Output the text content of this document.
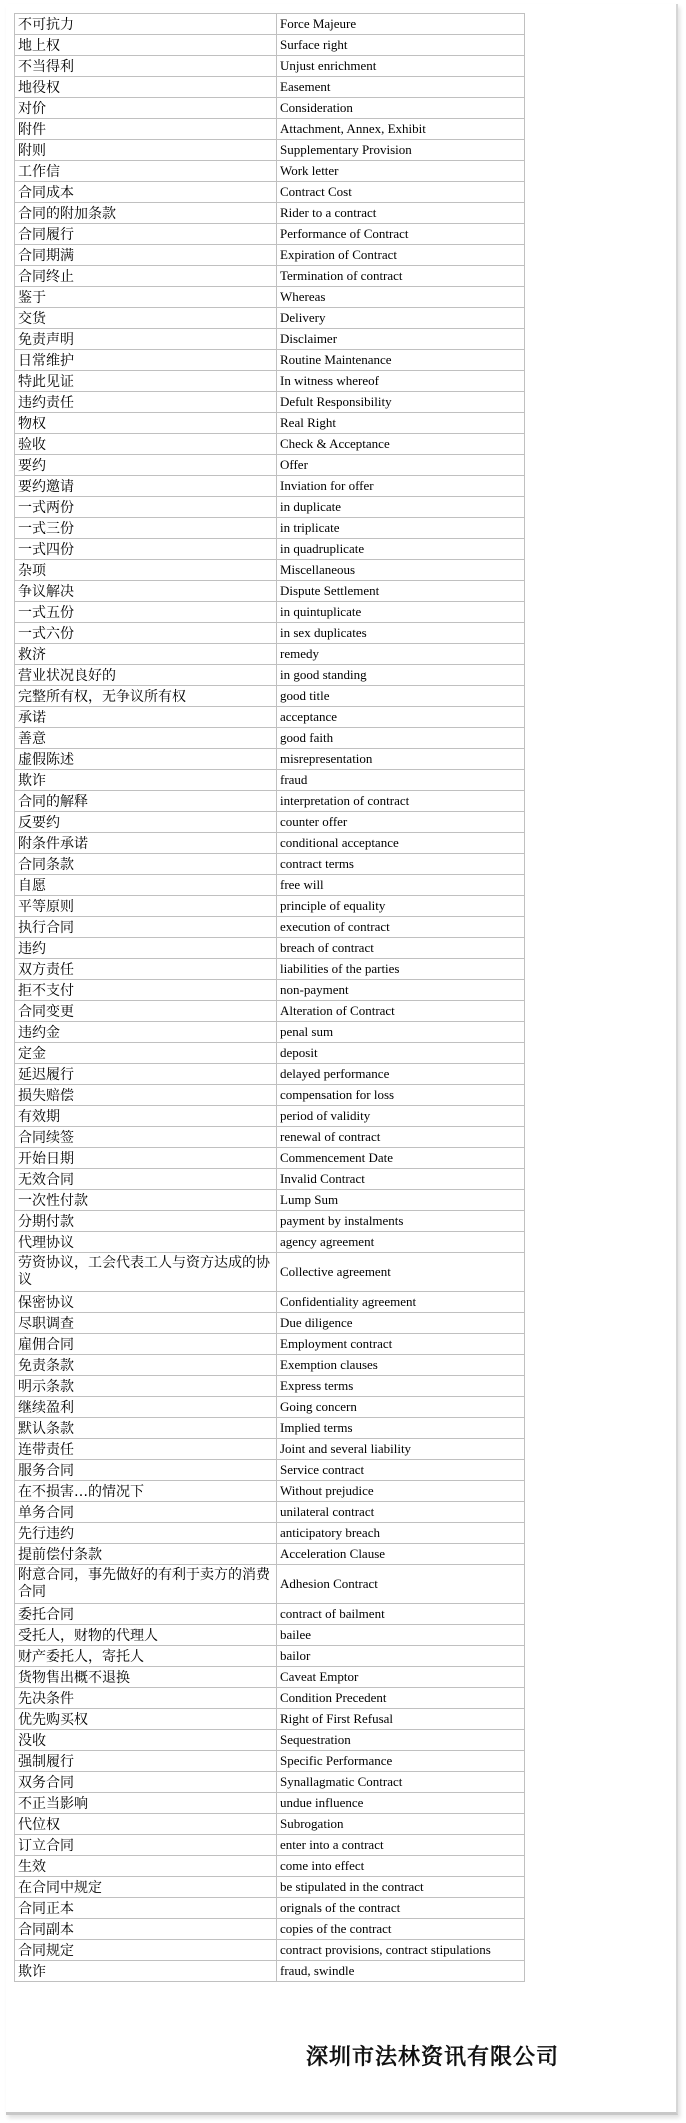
不可抗力	Force Majeure
地上权	Surface right
不当得利	Unjust enrichment
地役权	Easement
对价	Consideration
附件	Attachment, Annex, Exhibit
附则	Supplementary Provision
工作信	Work letter
合同成本	Contract Cost
合同的附加条款	Rider to a contract
合同履行	Performance of Contract
合同期满	Expiration of Contract
合同终止	Termination of contract
鉴于	Whereas
交货	Delivery
免责声明	Disclaimer
日常维护	Routine Maintenance
特此见证	In witness whereof
违约责任	Defult Responsibility
物权	Real Right
验收	Check & Acceptance
要约	Offer
要约邀请	Inviation for offer
一式两份	in duplicate
一式三份	in triplicate
一式四份	in quadruplicate
杂项	Miscellaneous
争议解决	Dispute Settlement
一式五份	in quintuplicate
一式六份	in sex duplicates
救济	remedy
营业状况良好的	in good standing
完整所有权，无争议所有权	good title
承诺	acceptance
善意	good faith
虚假陈述	misrepresentation
欺诈	fraud
合同的解释	interpretation of contract
反要约	counter offer
附条件承诺	conditional acceptance
合同条款	contract terms
自愿	free will
平等原则	principle of equality
执行合同	execution of contract
违约	breach of contract
双方责任	liabilities of the parties
拒不支付	non-payment
合同变更	Alteration of Contract
违约金	penal sum
定金	deposit
延迟履行	delayed performance
损失赔偿	compensation for loss
有效期	period of validity
合同续签	renewal of contract
开始日期	Commencement Date
无效合同	Invalid Contract
一次性付款	Lump Sum
分期付款	payment by instalments
代理协议	agency agreement
劳资协议，工会代表工人与资方达成的协议	Collective agreement
保密协议	Confidentiality agreement
尽职调查	Due diligence
雇佣合同	Employment contract
免责条款	Exemption clauses
明示条款	Express terms
继续盈利	Going concern
默认条款	Implied terms
连带责任	Joint and several liability
服务合同	Service contract
在不损害…的情况下	Without prejudice
单务合同	unilateral contract
先行违约	anticipatory breach
提前偿付条款	Acceleration Clause
附意合同，事先做好的有利于卖方的消费合同	Adhesion Contract
委托合同	contract of bailment
受托人，财物的代理人	bailee
财产委托人，寄托人	bailor
货物售出概不退换	Caveat Emptor
先决条件	Condition Precedent
优先购买权	Right of First Refusal
没收	Sequestration
强制履行	Specific Performance
双务合同	Synallagmatic Contract
不正当影响	undue influence
代位权	Subrogation
订立合同	enter into a contract
生效	come into effect
在合同中规定	be stipulated in the contract
合同正本	orignals of the contract
合同副本	copies of the contract
合同规定	contract provisions, contract stipulations
欺诈	fraud, swindle
深圳市法林资讯有限公司
